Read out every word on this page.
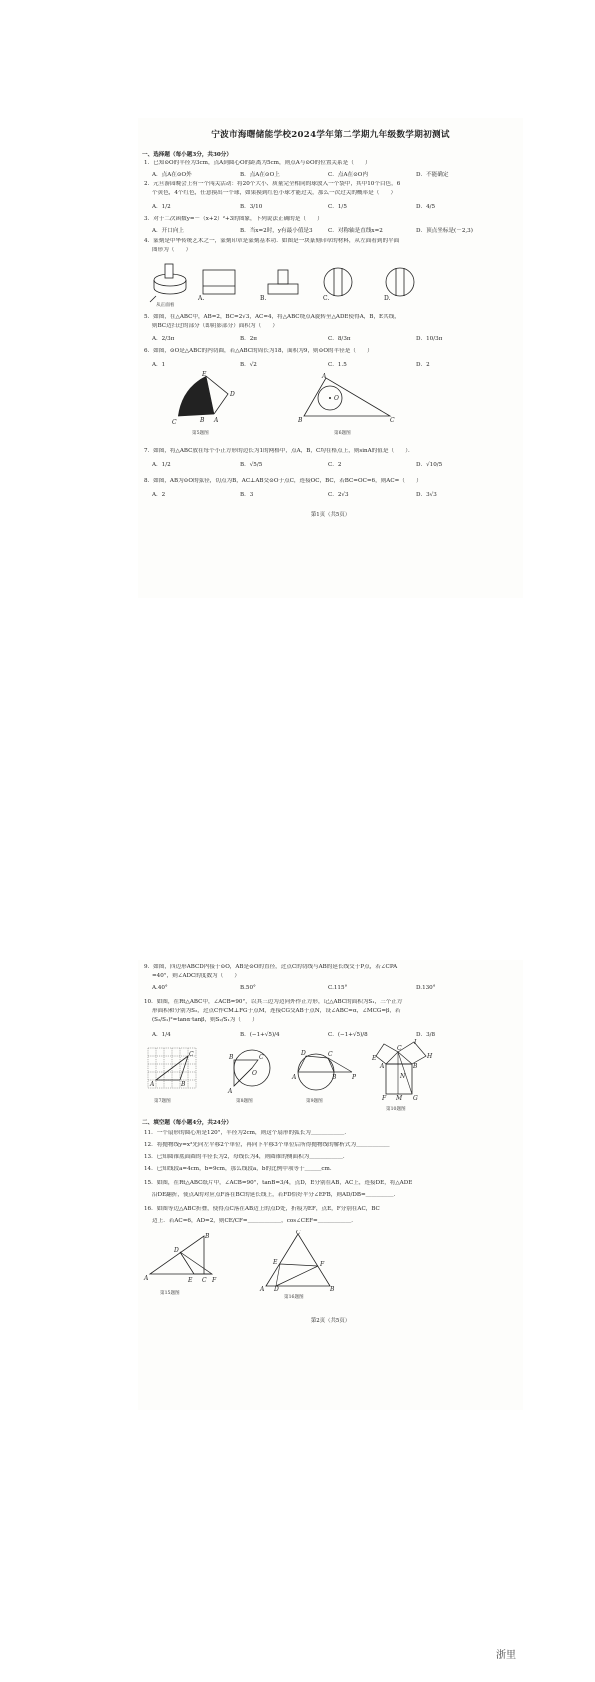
宁波市海曙储能学校2024学年第二学期九年级数学期初测试
一、选择题（每小题3分，共30分）
1．已知⊙O的半径为3cm，点A到圆心O的距离为5cm，则点A与⊙O的位置关系是（　　）
A．点A在⊙O外	B．点A在⊙O上	C．点A在⊙O内	D．不能确定
2．元旦游园晚会上有一个闯关活动：将20个大小、质量完全相同的球放入一个袋中，其中10个白色，6
个黄色，4个红色，任意摸出一个球，如果摸到红色小球才能过关，那么一次过关的概率是（　　）
A．1/2	B．3/10	C．1/5	D．4/5
3．对于二次函数y=－（x+2）²+3的图象，下列说法正确的是（　　）
A．开口向上	B．当x=2时，y有最小值是3	C．对称轴是直线x=2	D．顶点坐标是(－2,3)
4．篆刻是中华传统艺术之一，篆刻印章是篆刻基本功．如图是一块篆刻印章的材料，从左面看到的平面
图形为（　　）
从正面看
A.	B.	C.	D.
5．如图，在△ABC中，AB=2，BC=2√3，AC=4，将△ABC绕点A旋转至△ADE使得A，B，E共线，
则BC边扫过的部分（即阴影部分）面积为（　　）
A．2/3π	B．2π	C．8/3π	D．10/3π
6．如图，⊙O是△ABC的内切圆，若△ABC的周长为18，面积为9，则⊙O的半径是（　　）
A．1	B．√2	C．1.5	D．2
E
D
C	B A
第5题图
A
O
B	C
第6题图
7．如图，将△ABC放在每个小正方形的边长为1的网格中，点A，B，C均在格点上，则sinA的值是（　　）．
A．1/2	B．√5/5	C．2	D．√10/5
8．如图，AB为⊙O的弦径，切点为B，AC⊥AB交⊙O于点C，连接OC，BC，若BC=OC=6，则AC=（　　）
A．2	B．3	C．2√3	D．3√3
第1页（共5页）
9．如图，四边形ABCD内接于⊙O，AB是⊙O的直径，过点C的切线与AB的延长线交于P点，若∠CPA
=40°，则∠ADC的度数为（　　）
A.40°	B.50°	C.115°	D.130°
10．如图，在Rt△ABC中，∠ACB=90°，以其三边为边向外作正方形，记△ABC的面积为S₁，三个正方
形面积和分别为S₂，过点C作CM⊥FG于点M，连接CG交AB于点N，设∠ABC=α，∠MCG=β，若
(S₂/S₁)²=tanα·tanβ，则S₂/S₁为（　　）
A．1/4	B．(−1+√5)/4	C．(−1+√5)/8	D．3/8
A
C
B
第7题图
A
B	C
O
第8题图
A
D	C
B	P
第9题图
E
I
H
C
A	B
N
F M G
第10题图
二、填空题（每小题4分，共24分）
11．一个扇形的圆心角是120°，半径为2cm，则这个扇形的弧长为＿＿＿＿＿＿．
12．将抛物线y=x²先向左平移2个单位，再向下平移3个单位后所得抛物线的解析式为＿＿＿＿＿＿
13．已知圆锥底面圆的半径长为2，母线长为4，则圆锥的侧面积为＿＿＿＿＿＿．
14．已知线段a=4cm，b=9cm，那么线段a，b的比例中项等于＿＿＿cm．
15．如图，在Rt△ABC纸片中，∠ACB=90°，tanB=3/4，点D，E分别在AB，AC上，连接DE，将△ADE
沿DE翻折，使点A的对应点F落在BC的延长线上，若FD恰好平分∠EFB，则AD/DB=＿＿＿＿＿．
16．如图等边△ABC折叠，使得点C落在AB边上的点D处，折痕为EF，点E，F分别在AC，BC
边上．若AC=6，AD=2，则CE/CF=＿＿＿＿＿＿，cos∠CEF=＿＿＿＿＿＿．
A
B
D
E C F
第15题图
C
E	F
A D	B
第16题图
第2页（共5页）
浙里
